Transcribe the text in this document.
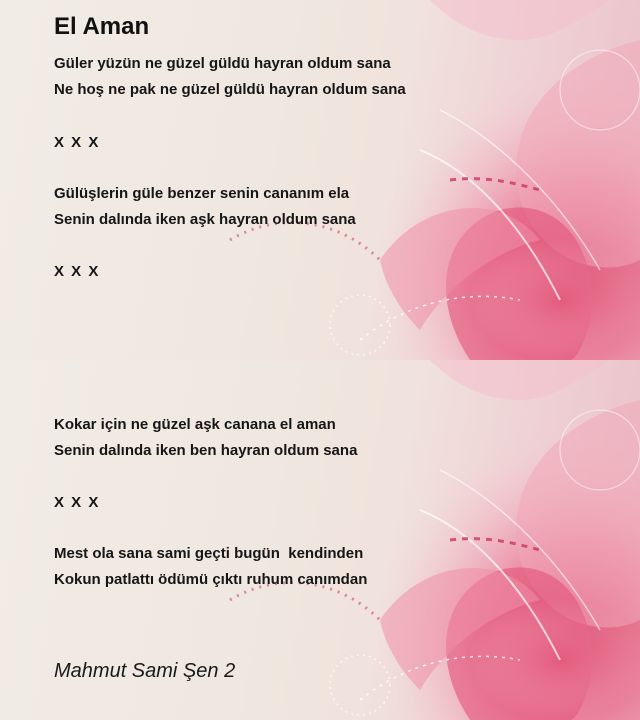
El Aman
Güler yüzün ne güzel güldü hayran oldum sana
Ne hoş ne pak ne güzel güldü hayran oldum sana
X X X
Gülüşlerin güle benzer senin cananım ela
Senin dalında iken aşk hayran oldum sana
X X X
Kokar için ne güzel aşk canana el aman
Senin dalında iken ben hayran oldum sana
X X X
Mest ola sana sami geçti bugün  kendinden
Kokun patlattı ödümü çıktı ruhum canımdan
Mahmut Sami Şen 2
